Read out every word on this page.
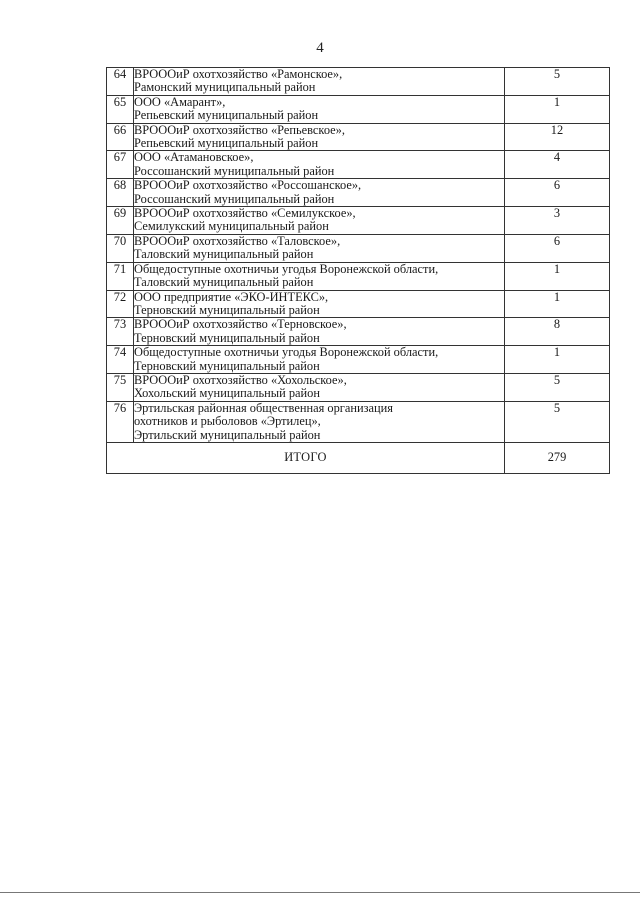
4
64	ВРОООиР охотхозяйство «Рамонское»,
Рамонский муниципальный район	5
65	ООО «Амарант»,
Репьевский муниципальный район	1
66	ВРОООиР охотхозяйство «Репьевское»,
Репьевский муниципальный район	12
67	ООО «Атамановское»,
Россошанский муниципальный район	4
68	ВРОООиР охотхозяйство «Россошанское»,
Россошанский муниципальный район	6
69	ВРОООиР охотхозяйство «Семилукское»,
Семилукский муниципальный район	3
70	ВРОООиР охотхозяйство «Таловское»,
Таловский муниципальный район	6
71	Общедоступные охотничьи угодья Воронежской области,
Таловский муниципальный район	1
72	ООО предприятие «ЭКО-ИНТЕКС»,
Терновский муниципальный район	1
73	ВРОООиР охотхозяйство «Терновское»,
Терновский муниципальный район	8
74	Общедоступные охотничьи угодья Воронежской области,
Терновский муниципальный район	1
75	ВРОООиР охотхозяйство «Хохольское»,
Хохольский муниципальный район	5
76	Эртильская районная общественная организация
охотников и рыболовов «Эртилец»,
Эртильский муниципальный район	5
ИТОГО		279
